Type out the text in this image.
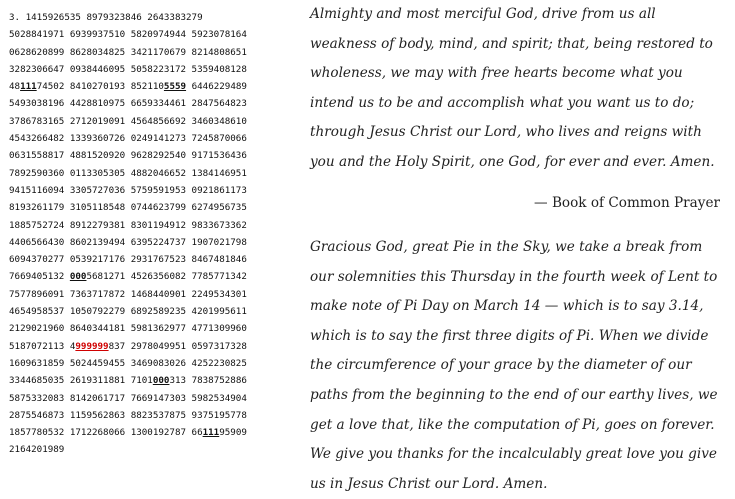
3. 1415926535 8979323846 2643383279
5028841971 6939937510 5820974944 5923078164
0628620899 8628034825 3421170679 8214808651
3282306647 0938446095 5058223172 5359408128
4811174502 8410270193 8521105559 6446229489
5493038196 4428810975 6659334461 2847564823
3786783165 2712019091 4564856692 3460348610
4543266482 1339360726 0249141273 7245870066
0631558817 4881520920 9628292540 9171536436
7892590360 0113305305 4882046652 1384146951
9415116094 3305727036 5759591953 0921861173
8193261179 3105118548 0744623799 6274956735
1885752724 8912279381 8301194912 9833673362
4406566430 8602139494 6395224737 1907021798
6094370277 0539217176 2931767523 8467481846
7669405132 0005681271 4526356082 7785771342
7577896091 7363717872 1468440901 2249534301
4654958537 1050792279 6892589235 4201995611
2129021960 8640344181 5981362977 4771309960
5187072113 4999999837 2978049951 0597317328
1609631859 5024459455 3469083026 4252230825
3344685035 2619311881 7101000313 7838752886
5875332083 8142061717 7669147303 5982534904
2875546873 1159562863 8823537875 9375195778
1857780532 1712268066 1300192787 6611195909
2164201989

Almighty and most merciful God, drive from us all weakness of body, mind, and spirit; that, being restored to wholeness, we may with free hearts become what you intend us to be and accomplish what you want us to do; through Jesus Christ our Lord, who lives and reigns with you and the Holy Spirit, one God, for ever and ever. Amen.

— Book of Common Prayer

Gracious God, great Pie in the Sky, we take a break from our solemnities this Thursday in the fourth week of Lent to make note of Pi Day on March 14 — which is to say 3.14, which is to say the first three digits of Pi. When we divide the circumference of your grace by the diameter of our paths from the beginning to the end of our earthy lives, we get a love that, like the computation of Pi, goes on forever. We give you thanks for the incalculably great love you give us in Jesus Christ our Lord. Amen.
